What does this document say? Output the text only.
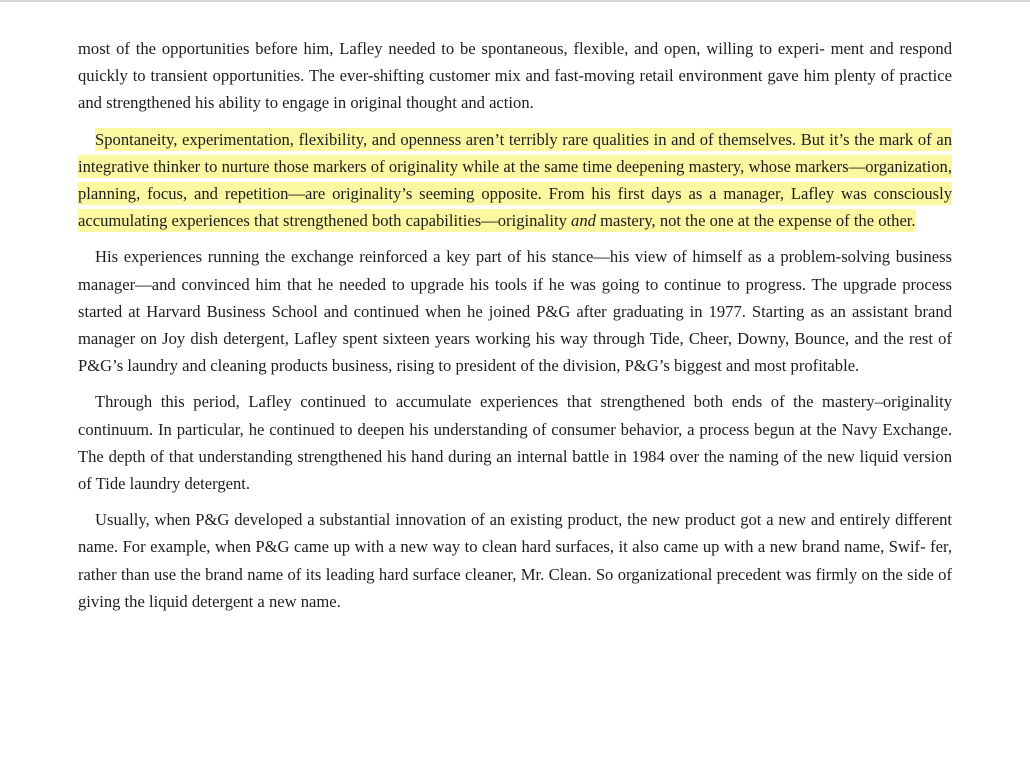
most of the opportunities before him, Lafley needed to be spontaneous, flexible, and open, willing to experi- ment and respond quickly to transient opportunities. The ever-shifting customer mix and fast-moving retail environment gave him plenty of practice and strengthened his ability to engage in original thought and action.

Spontaneity, experimentation, flexibility, and openness aren’t terribly rare qualities in and of themselves. But it’s the mark of an integrative thinker to nurture those markers of originality while at the same time deepening mastery, whose markers—organization, planning, focus, and repetition—are originality’s seeming opposite. From his first days as a manager, Lafley was consciously accumulating experiences that strengthened both capabilities—originality and mastery, not the one at the expense of the other.

His experiences running the exchange reinforced a key part of his stance—his view of himself as a problem-solving business manager—and convinced him that he needed to upgrade his tools if he was going to continue to progress. The upgrade process started at Harvard Business School and continued when he joined P&G after graduating in 1977. Starting as an assistant brand manager on Joy dish detergent, Lafley spent sixteen years working his way through Tide, Cheer, Downy, Bounce, and the rest of P&G’s laundry and cleaning products business, rising to president of the division, P&G’s biggest and most profitable.

Through this period, Lafley continued to accumulate experiences that strengthened both ends of the mastery–originality continuum. In particular, he continued to deepen his understanding of consumer behavior, a process begun at the Navy Exchange. The depth of that understanding strengthened his hand during an internal battle in 1984 over the naming of the new liquid version of Tide laundry detergent.

Usually, when P&G developed a substantial innovation of an existing product, the new product got a new and entirely different name. For example, when P&G came up with a new way to clean hard surfaces, it also came up with a new brand name, Swif- fer, rather than use the brand name of its leading hard surface cleaner, Mr. Clean. So organizational precedent was firmly on the side of giving the liquid detergent a new name.
